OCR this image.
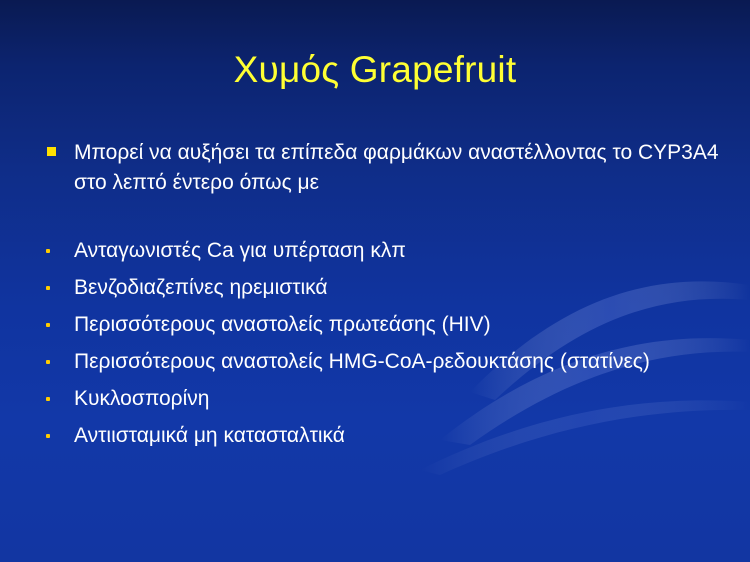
Χυμός Grapefruit
Μπορεί να αυξήσει τα επίπεδα φαρμάκων αναστέλλοντας το CYP3A4 στο λεπτό έντερο όπως με
Ανταγωνιστές Ca για υπέρταση κλπ
Βενζοδιαζεπίνες ηρεμιστικά
Περισσότερους αναστολείς πρωτεάσης (HIV)
Περισσότερους αναστολείς HMG-CoA-ρεδουκτάσης (στατίνες)
Κυκλοσπορίνη
Αντιισταμικά μη κατασταλτικά
